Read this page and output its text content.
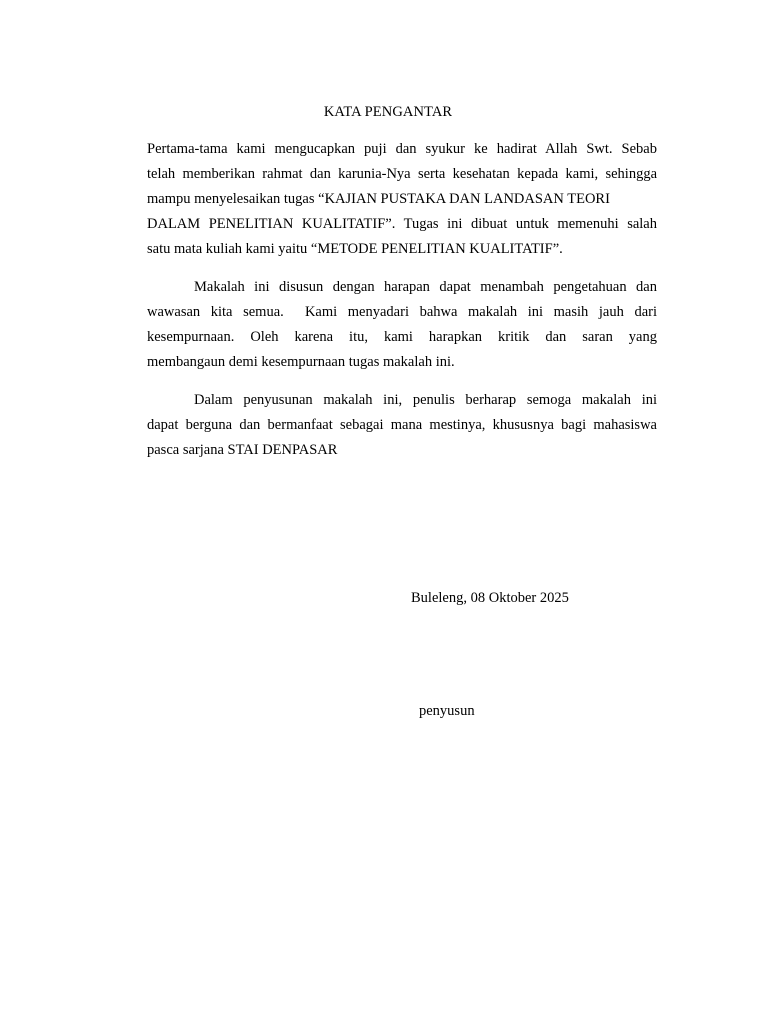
KATA PENGANTAR
Pertama-tama kami mengucapkan puji dan syukur ke hadirat Allah Swt. Sebab
telah memberikan rahmat dan karunia-Nya serta kesehatan kepada kami, sehingga
mampu menyelesaikan tugas “KAJIAN PUSTAKA DAN LANDASAN TEORI
DALAM PENELITIAN KUALITATIF”. Tugas ini dibuat untuk memenuhi salah
satu mata kuliah kami yaitu “METODE PENELITIAN KUALITATIF”.
Makalah ini disusun dengan harapan dapat menambah pengetahuan dan
wawasan kita semua.  Kami menyadari bahwa makalah ini masih jauh dari
kesempurnaan. Oleh karena itu, kami harapkan kritik dan saran yang
membangaun demi kesempurnaan tugas makalah ini.
Dalam penyusunan makalah ini, penulis berharap semoga makalah ini
dapat berguna dan bermanfaat sebagai mana mestinya, khususnya bagi mahasiswa
pasca sarjana STAI DENPASAR
Buleleng, 08 Oktober 2025
penyusun
